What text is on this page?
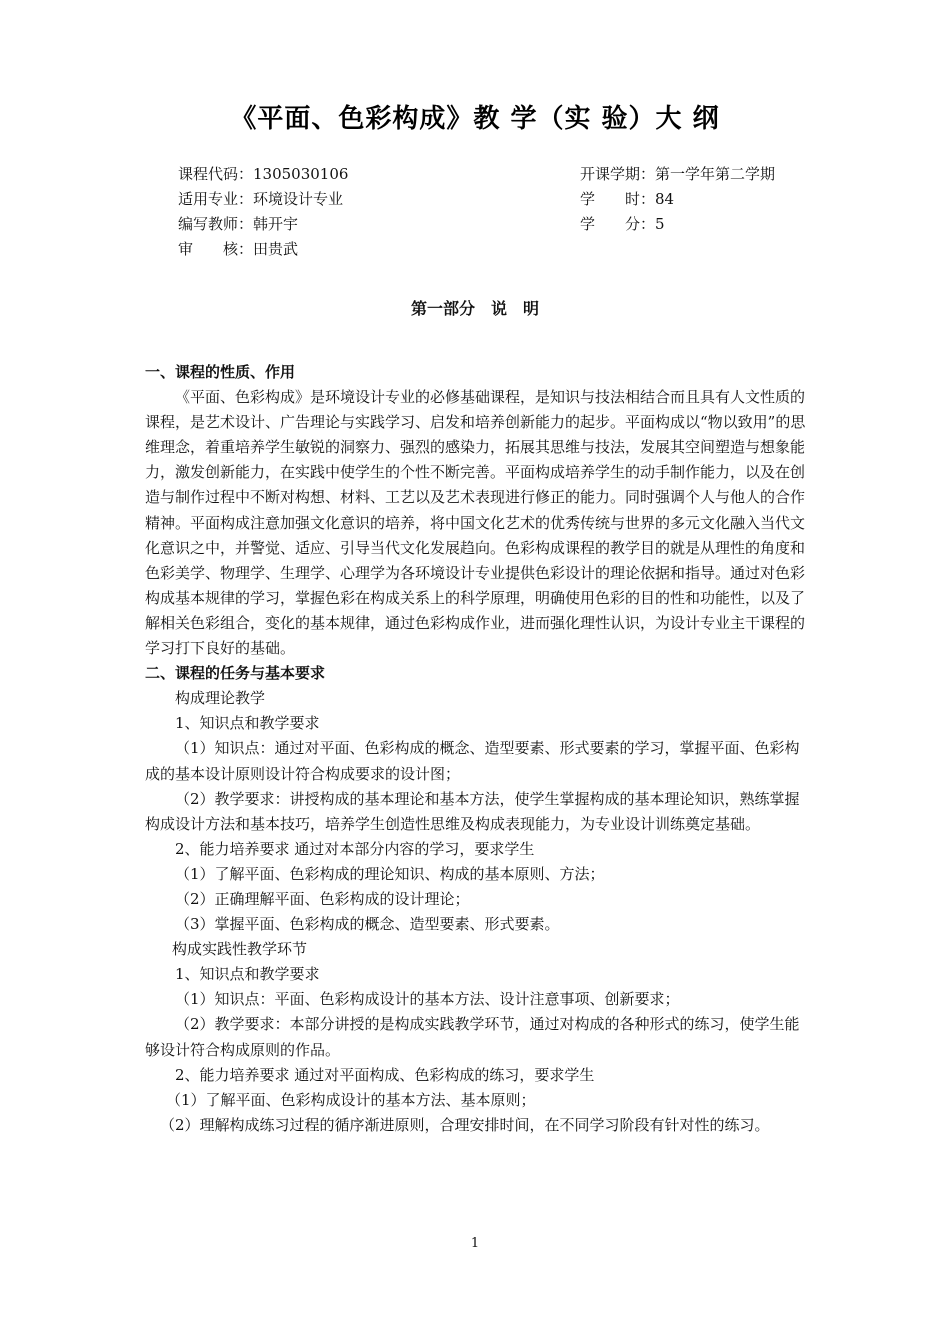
《平面、色彩构成》教 学（实 验）大 纲
课程代码：1305030106
适用专业：环境设计专业
编写教师：韩开宇
审　　核：田贵武
开课学期：第一学年第二学期
学　　时：84
学　　分：5
第一部分　说　明

一、课程的性质、作用

《平面、色彩构成》是环境设计专业的必修基础课程，是知识与技法相结合而且具有人文性质的课程，是艺术设计、广告理论与实践学习、启发和培养创新能力的起步。平面构成以“物以致用”的思维理念，着重培养学生敏锐的洞察力、强烈的感染力，拓展其思维与技法，发展其空间塑造与想象能力，激发创新能力，在实践中使学生的个性不断完善。平面构成培养学生的动手制作能力，以及在创造与制作过程中不断对构想、材料、工艺以及艺术表现进行修正的能力。同时强调个人与他人的合作精神。平面构成注意加强文化意识的培养，将中国文化艺术的优秀传统与世界的多元文化融入当代文化意识之中，并警觉、适应、引导当代文化发展趋向。色彩构成课程的教学目的就是从理性的角度和色彩美学、物理学、生理学、心理学为各环境设计专业提供色彩设计的理论依据和指导。通过对色彩构成基本规律的学习，掌握色彩在构成关系上的科学原理，明确使用色彩的目的性和功能性，以及了解相关色彩组合，变化的基本规律，通过色彩构成作业，进而强化理性认识，为设计专业主干课程的学习打下良好的基础。

二、课程的任务与基本要求

构成理论教学

1、知识点和教学要求

（1）知识点：通过对平面、色彩构成的概念、造型要素、形式要素的学习，掌握平面、色彩构成的基本设计原则设计符合构成要求的设计图；

（2）教学要求：讲授构成的基本理论和基本方法，使学生掌握构成的基本理论知识，熟练掌握构成设计方法和基本技巧，培养学生创造性思维及构成表现能力，为专业设计训练奠定基础。

2、能力培养要求 通过对本部分内容的学习，要求学生

（1）了解平面、色彩构成的理论知识、构成的基本原则、方法；

（2）正确理解平面、色彩构成的设计理论；

（3）掌握平面、色彩构成的概念、造型要素、形式要素。

构成实践性教学环节

1、知识点和教学要求

（1）知识点：平面、色彩构成设计的基本方法、设计注意事项、创新要求；

（2）教学要求：本部分讲授的是构成实践教学环节，通过对构成的各种形式的练习，使学生能够设计符合构成原则的作品。

2、能力培养要求 通过对平面构成、色彩构成的练习，要求学生

（1）了解平面、色彩构成设计的基本方法、基本原则；

（2）理解构成练习过程的循序渐进原则，合理安排时间，在不同学习阶段有针对性的练习。

1
